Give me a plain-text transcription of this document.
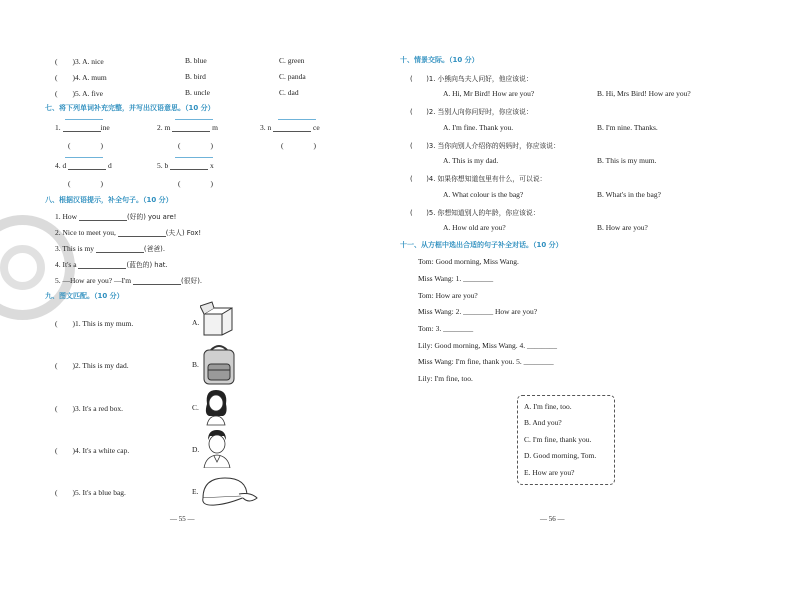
(　　)3. A. nice	B. blue	C. green
(　　)4. A. mum	B. bird	C. panda
(　　)5. A. five	B. uncle	C. dad
七、将下列单词补充完整，并写出汉语意思。（10 分）
1.	ine	2. m	m	3. n	ce
(　　　　)	(　　　　)	(　　　　)
4. d	d	5. b	x
(　　　　)	(　　　　)
八、根据汉语提示，补全句子。（10 分）
1. How	(好的) you are!
2. Nice to meet you,	(夫人) Fox!
3. This is my	(爸爸).
4. It's a	(蓝色的) hat.
5. —How are you? —I'm	(很好).
九、图文匹配。（10 分）
(　　)1. This is my mum.	A.
(　　)2. This is my dad.	B.
(　　)3. It's a red box.	C.
(　　)4. It's a white cap.	D.
(　　)5. It's a blue bag.	E.
— 55 —
十、情景交际。（10 分）
(　　)1. 小熊向鸟夫人问好，他应该说：
A. Hi, Mr Bird! How are you?	B. Hi, Mrs Bird! How are you?
(　　)2. 当别人向你问好时，你应该说：
A. I'm fine. Thank you.	B. I'm nine. Thanks.
(　　)3. 当你向别人介绍你的妈妈时，你应该说：
A. This is my dad.	B. This is my mum.
(　　)4. 如果你想知道包里有什么，可以说：
A. What colour is the bag?	B. What's in the bag?
(　　)5. 你想知道别人的年龄，你应该说：
A. How old are you?	B. How are you?
十一、从方框中选出合适的句子补全对话。（10 分）
Tom: Good morning, Miss Wang.
Miss Wang: 1. ________
Tom: How are you?
Miss Wang: 2. ________ How are you?
Tom: 3. ________
Lily: Good morning, Miss Wang. 4. ________
Miss Wang: I'm fine, thank you. 5. ________
Lily: I'm fine, too.
A. I'm fine, too.
B. And you?
C. I'm fine, thank you.
D. Good morning, Tom.
E. How are you?
— 56 —
